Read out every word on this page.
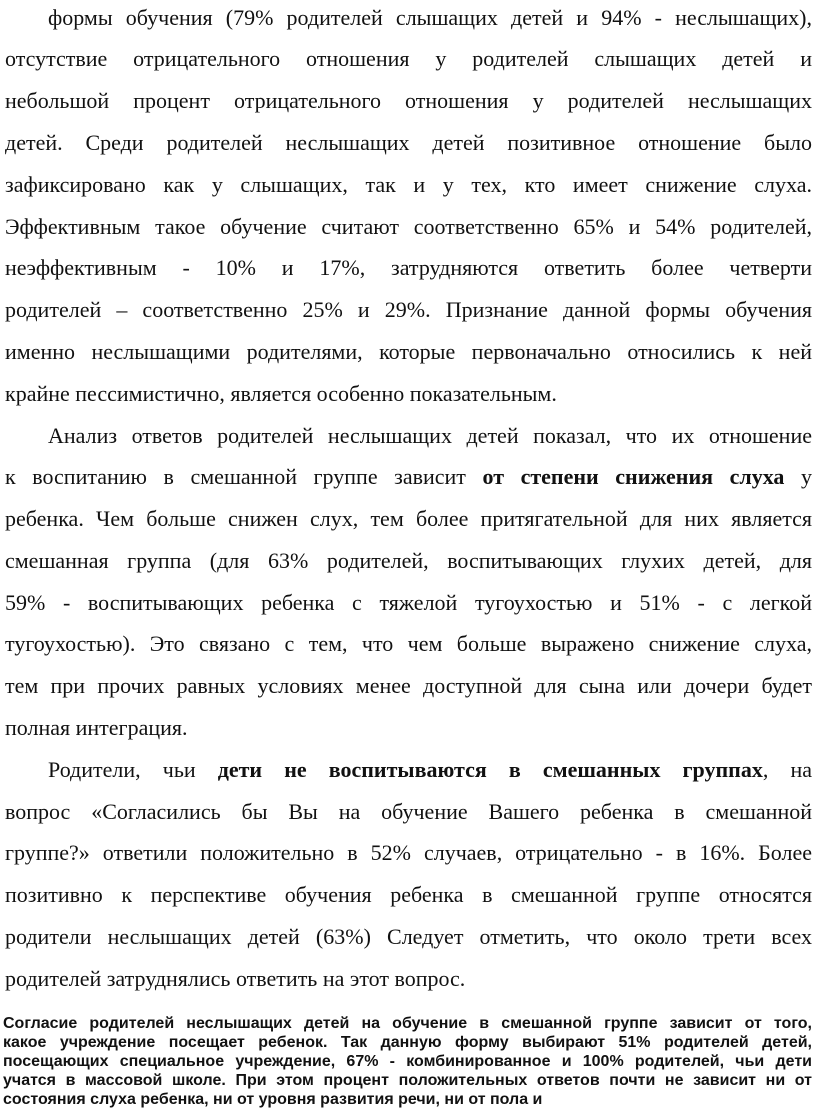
формы обучения (79% родителей слышащих детей и 94% - неслышащих),
отсутствие отрицательного отношения у родителей слышащих детей и
небольшой процент отрицательного отношения у родителей неслышащих
детей. Среди родителей неслышащих детей позитивное отношение было
зафиксировано как у слышащих, так и у тех, кто имеет снижение слуха.
Эффективным такое обучение считают соответственно 65% и 54% родителей,
неэффективным - 10% и 17%, затрудняются ответить более четверти
родителей – соответственно 25% и 29%. Признание данной формы обучения
именно неслышащими родителями, которые первоначально относились к ней
крайне пессимистично, является особенно показательным.
Анализ ответов родителей неслышащих детей показал, что их отношение
к воспитанию в смешанной группе зависит от степени снижения слуха у
ребенка. Чем больше снижен слух, тем более притягательной для них является
смешанная группа (для 63% родителей, воспитывающих глухих детей, для
59% - воспитывающих ребенка с тяжелой тугоухостью и 51% - с легкой
тугоухостью). Это связано с тем, что чем больше выражено снижение слуха,
тем при прочих равных условиях менее доступной для сына или дочери будет
полная интеграция.
Родители, чьи дети не воспитываются в смешанных группах, на
вопрос «Согласились бы Вы на обучение Вашего ребенка в смешанной
группе?» ответили положительно в 52% случаев, отрицательно - в 16%. Более
позитивно к перспективе обучения ребенка в смешанной группе относятся
родители неслышащих детей (63%) Следует отметить, что около трети всех
родителей затруднялись ответить на этот вопрос.
Согласие родителей неслышащих детей на обучение в смешанной группе зависит от того,
какое учреждение посещает ребенок. Так данную форму выбирают 51% родителей детей,
посещающих специальное учреждение, 67% - комбинированное и 100% родителей, чьи дети
учатся в массовой школе. При этом процент положительных ответов почти не зависит ни от
состояния слуха ребенка, ни от уровня развития речи, ни от пола и
